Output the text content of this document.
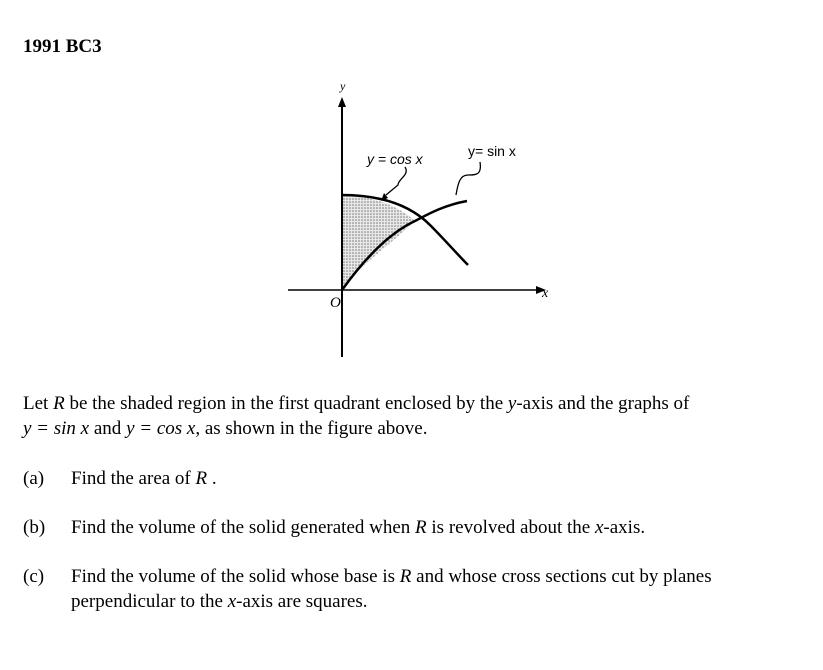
1991 BC3
y
x
O
y = cos x	y= sin x
Let R be the shaded region in the first quadrant enclosed by the y-axis and the graphs of
y = sin x and y = cos x, as shown in the figure above.
(a) Find the area of R .
(b) Find the volume of the solid generated when R is revolved about the x-axis.
(c) Find the volume of the solid whose base is R and whose cross sections cut by planes perpendicular to the x-axis are squares.
